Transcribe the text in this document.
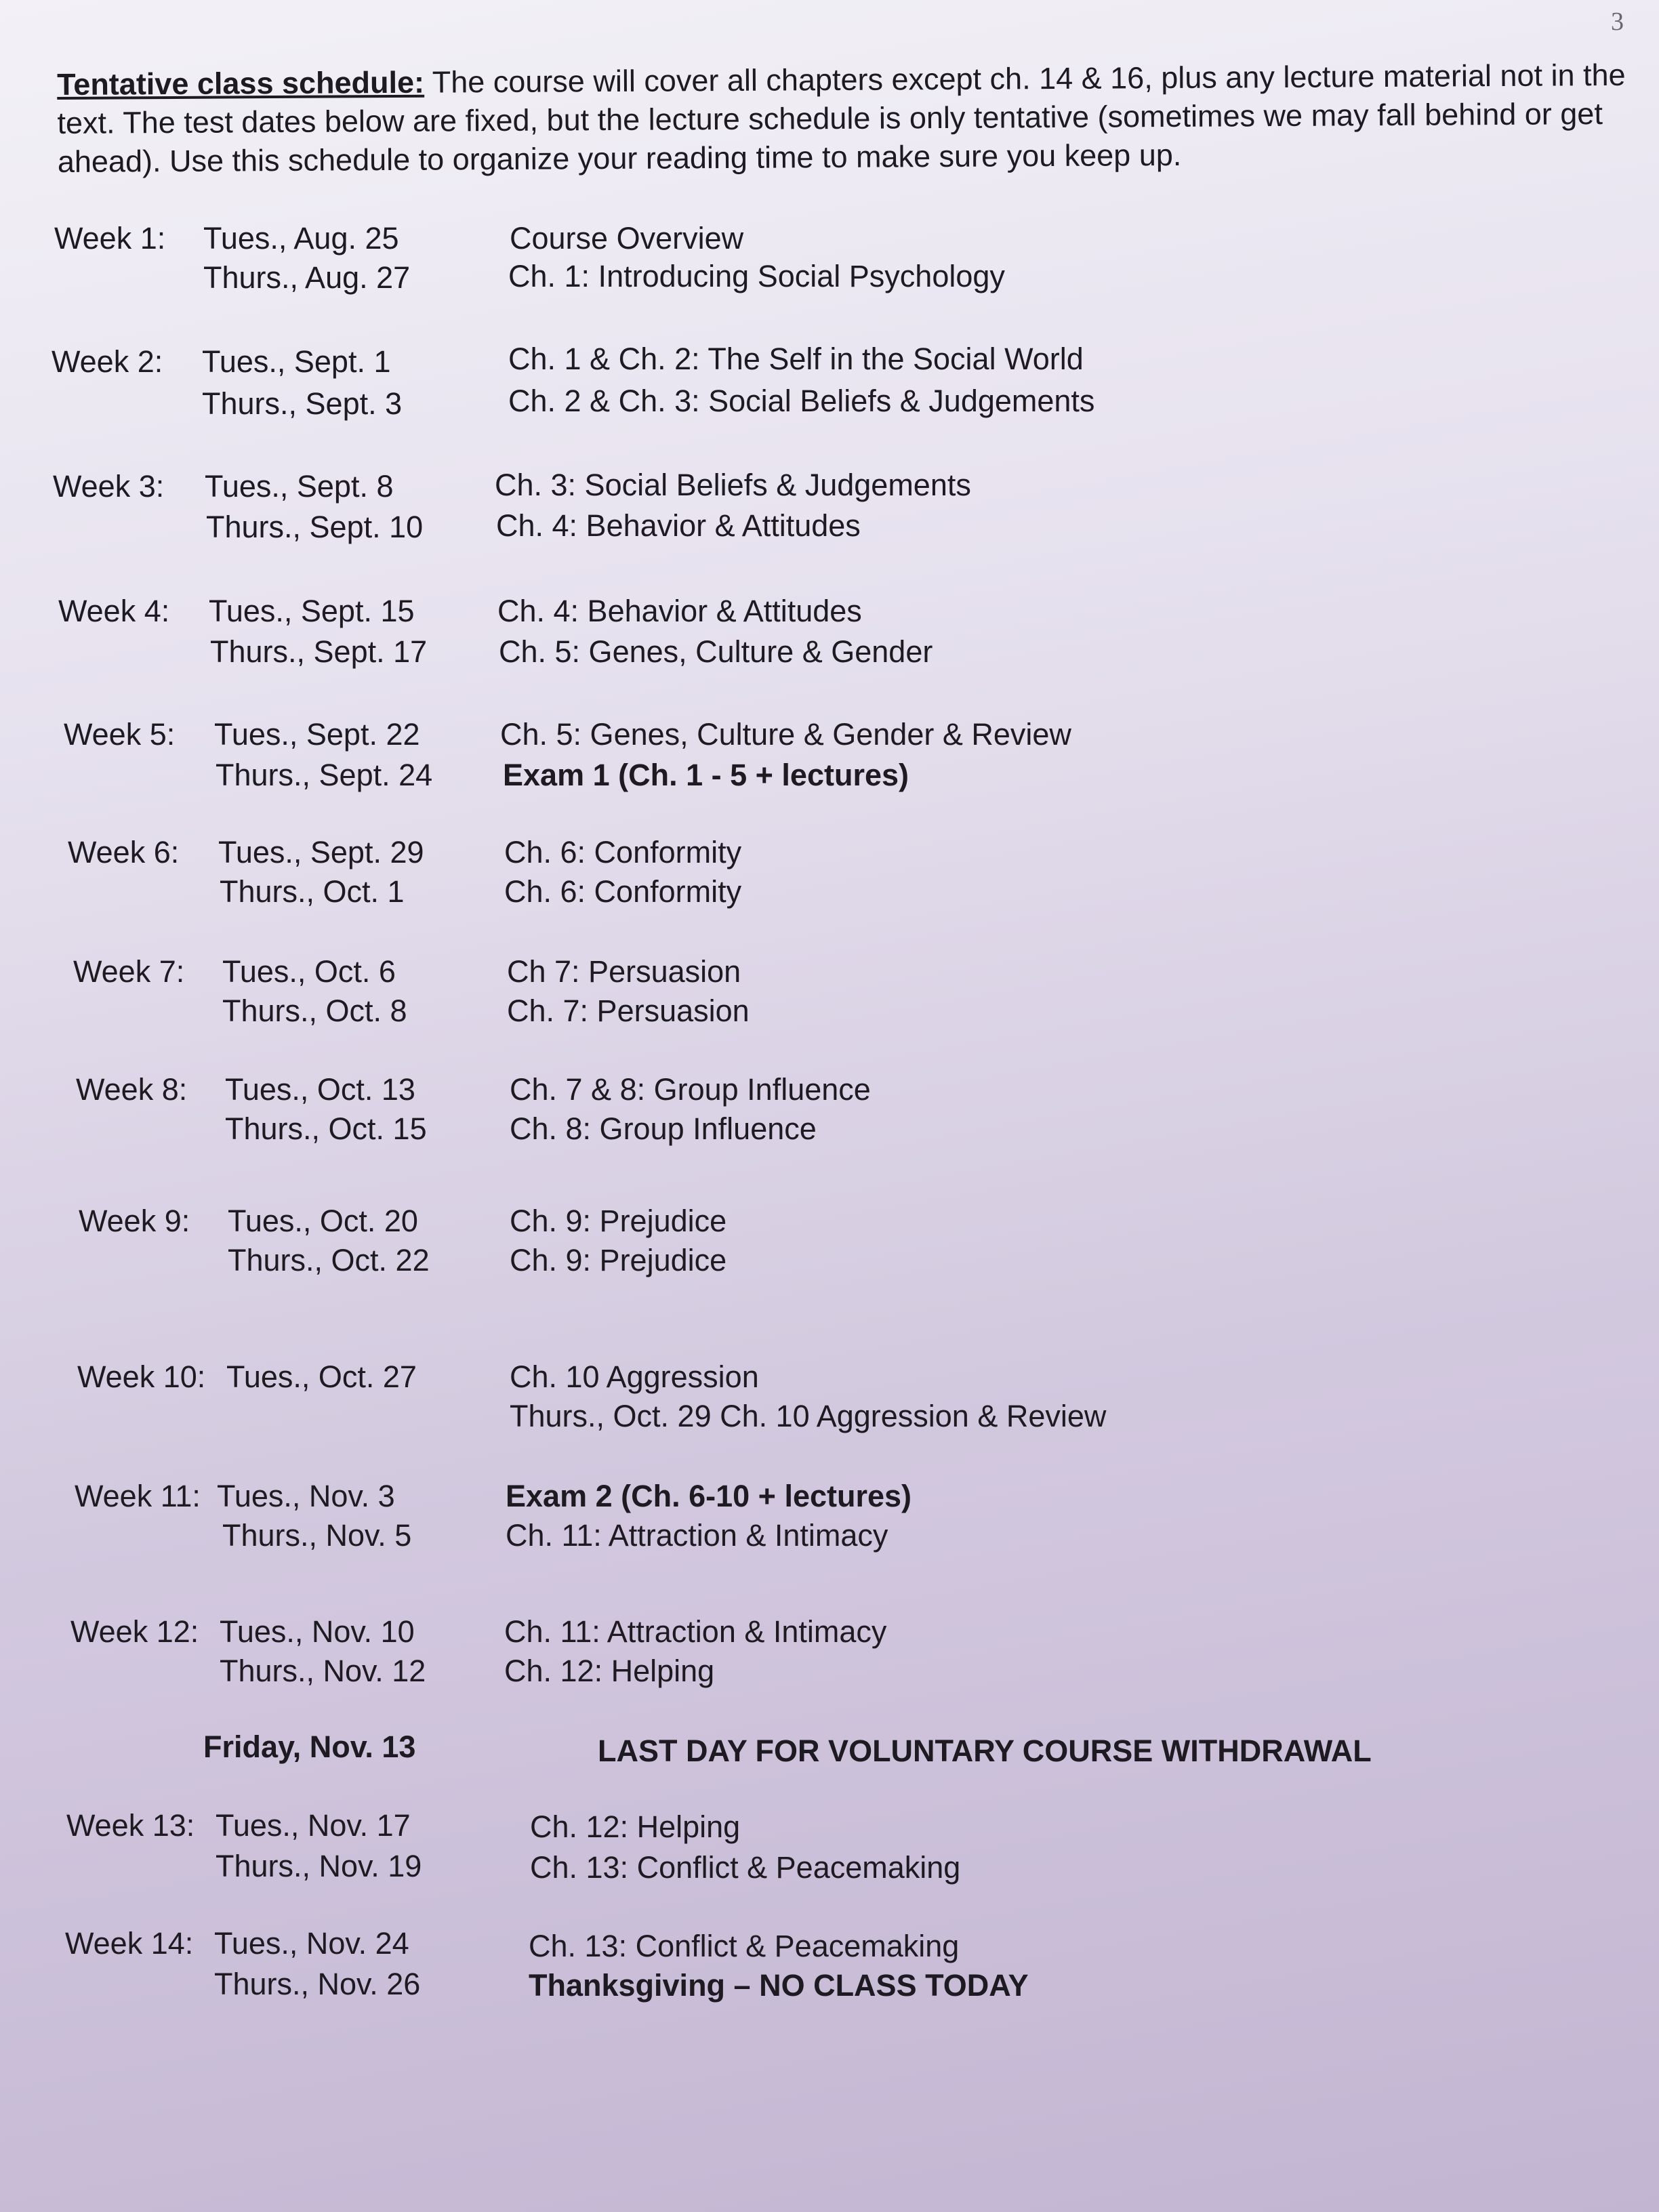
3
Tentative class schedule: The course will cover all chapters except ch. 14 & 16, plus any lecture material not in the text. The test dates below are fixed, but the lecture schedule is only tentative (sometimes we may fall behind or get ahead). Use this schedule to organize your reading time to make sure you keep up.
Week 1: Tues., Aug. 25	Course Overview
Thurs., Aug. 27	Ch. 1: Introducing Social Psychology
Week 2: Tues., Sept. 1	Ch. 1 & Ch. 2: The Self in the Social World
Thurs., Sept. 3	Ch. 2 & Ch. 3: Social Beliefs & Judgements
Week 3: Tues., Sept. 8	Ch. 3: Social Beliefs & Judgements
Thurs., Sept. 10 Ch. 4: Behavior & Attitudes
Week 4: Tues., Sept. 15	Ch. 4: Behavior & Attitudes
Thurs., Sept. 17 Ch. 5: Genes, Culture & Gender
Week 5: Tues., Sept. 22	Ch. 5: Genes, Culture & Gender & Review
Thurs., Sept. 24 Exam 1 (Ch. 1 - 5 + lectures)
Week 6: Tues., Sept. 29	Ch. 6: Conformity
Thurs., Oct. 1	Ch. 6: Conformity
Week 7: Tues., Oct. 6	Ch 7: Persuasion
Thurs., Oct. 8	Ch. 7: Persuasion
Week 8: Tues., Oct. 13	Ch. 7 & 8: Group Influence
Thurs., Oct. 15	Ch. 8: Group Influence
Week 9: Tues., Oct. 20	Ch. 9: Prejudice
Thurs., Oct. 22	Ch. 9: Prejudice
Week 10: Tues., Oct. 27	Ch. 10 Aggression
Thurs., Oct. 29 Ch. 10 Aggression & Review
Week 11: Tues., Nov. 3	Exam 2 (Ch. 6-10 + lectures)
Thurs., Nov. 5	Ch. 11: Attraction & Intimacy
Week 12: Tues., Nov. 10	Ch. 11: Attraction & Intimacy
Thurs., Nov. 12	Ch. 12: Helping
Friday, Nov. 13	LAST DAY FOR VOLUNTARY COURSE WITHDRAWAL
Week 13: Tues., Nov. 17	Ch. 12: Helping
Thurs., Nov. 19	Ch. 13: Conflict & Peacemaking
Week 14: Tues., Nov. 24	Ch. 13: Conflict & Peacemaking
Thurs., Nov. 26	Thanksgiving – NO CLASS TODAY
